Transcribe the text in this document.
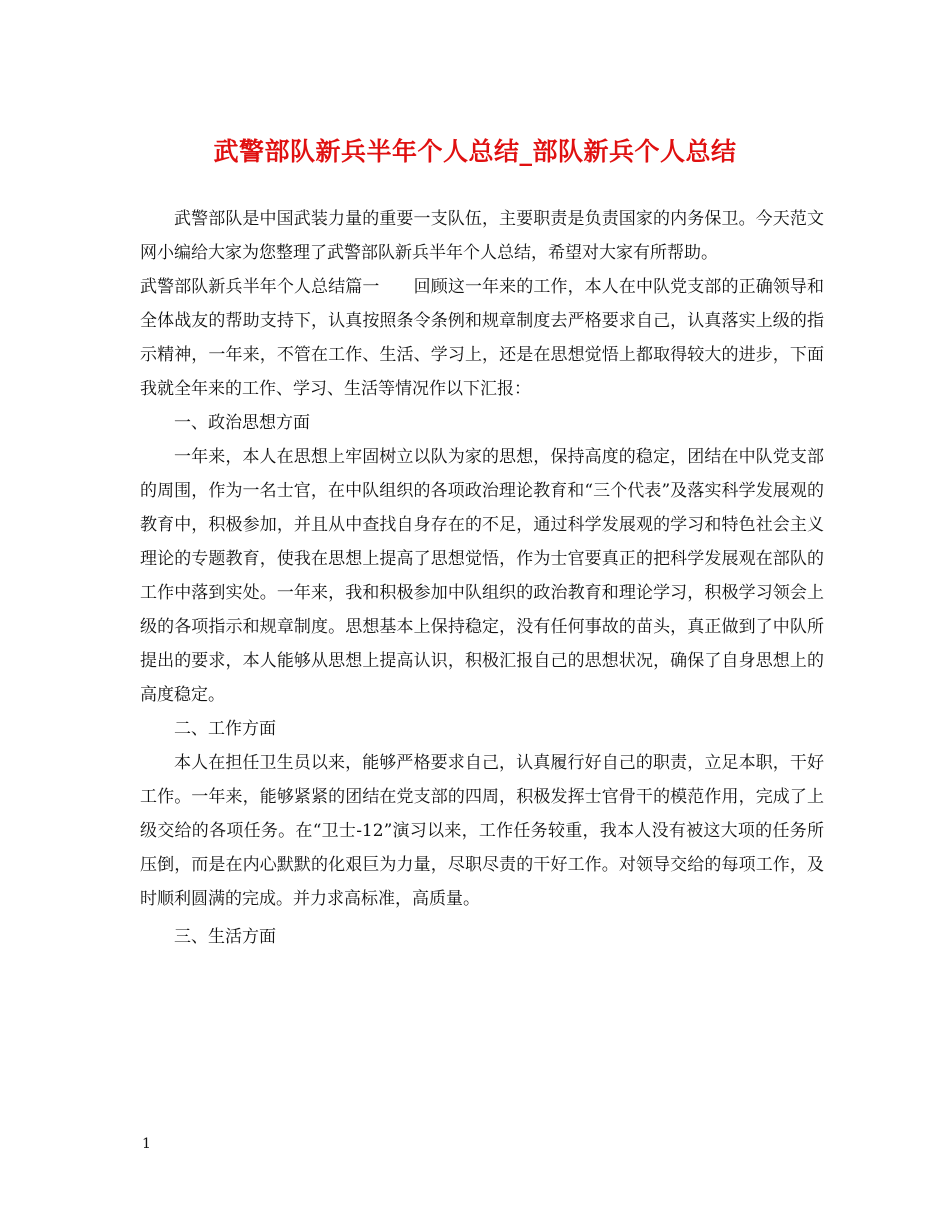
武警部队新兵半年个人总结_部队新兵个人总结

武警部队是中国武装力量的重要一支队伍，主要职责是负责国家的内务保卫。今天范文网小编给大家为您整理了武警部队新兵半年个人总结，希望对大家有所帮助。

武警部队新兵半年个人总结篇一　　回顾这一年来的工作，本人在中队党支部的正确领导和全体战友的帮助支持下，认真按照条令条例和规章制度去严格要求自己，认真落实上级的指示精神，一年来，不管在工作、生活、学习上，还是在思想觉悟上都取得较大的进步，下面我就全年来的工作、学习、生活等情况作以下汇报：

一、政治思想方面

一年来，本人在思想上牢固树立以队为家的思想，保持高度的稳定，团结在中队党支部的周围，作为一名士官，在中队组织的各项政治理论教育和“三个代表”及落实科学发展观的教育中，积极参加，并且从中查找自身存在的不足，通过科学发展观的学习和特色社会主义理论的专题教育，使我在思想上提高了思想觉悟，作为士官要真正的把科学发展观在部队的工作中落到实处。一年来，我和积极参加中队组织的政治教育和理论学习，积极学习领会上级的各项指示和规章制度。思想基本上保持稳定，没有任何事故的苗头，真正做到了中队所提出的要求，本人能够从思想上提高认识，积极汇报自己的思想状况，确保了自身思想上的高度稳定。

二、工作方面

本人在担任卫生员以来，能够严格要求自己，认真履行好自己的职责，立足本职，干好工作。一年来，能够紧紧的团结在党支部的四周，积极发挥士官骨干的模范作用，完成了上级交给的各项任务。在“卫士-12”演习以来，工作任务较重，我本人没有被这大项的任务所压倒，而是在内心默默的化艰巨为力量，尽职尽责的干好工作。对领导交给的每项工作，及时顺利圆满的完成。并力求高标准，高质量。

三、生活方面

1
